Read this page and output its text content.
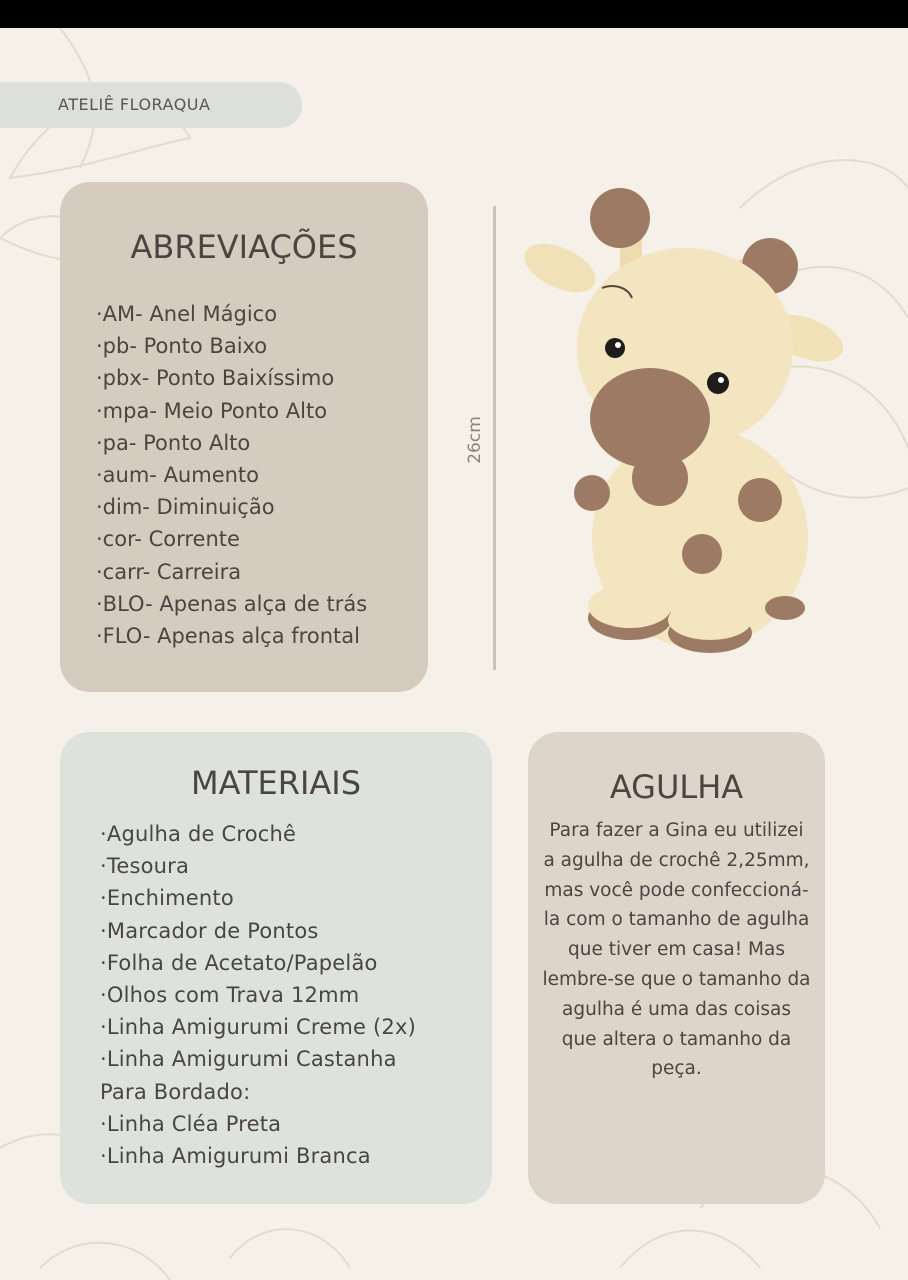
ATELIÊ FLORAQUA
ABREVIAÇÕES
·AM- Anel Mágico
·pb- Ponto Baixo
·pbx- Ponto Baixíssimo
·mpa- Meio Ponto Alto
·pa- Ponto Alto
·aum- Aumento
·dim- Diminuição
·cor- Corrente
·carr- Carreira
·BLO- Apenas alça de trás
·FLO- Apenas alça frontal
26cm
MATERIAIS
·Agulha de Crochê
·Tesoura
·Enchimento
·Marcador de Pontos
·Folha de Acetato/Papelão
·Olhos com Trava 12mm
·Linha Amigurumi Creme (2x)
·Linha Amigurumi Castanha
Para Bordado:
·Linha Cléa Preta
·Linha Amigurumi Branca
AGULHA
Para fazer a Gina eu utilizei a agulha de crochê 2,25mm, mas você pode confeccioná-la com o tamanho de agulha que tiver em casa! Mas lembre-se que o tamanho da agulha é uma das coisas que altera o tamanho da peça.
